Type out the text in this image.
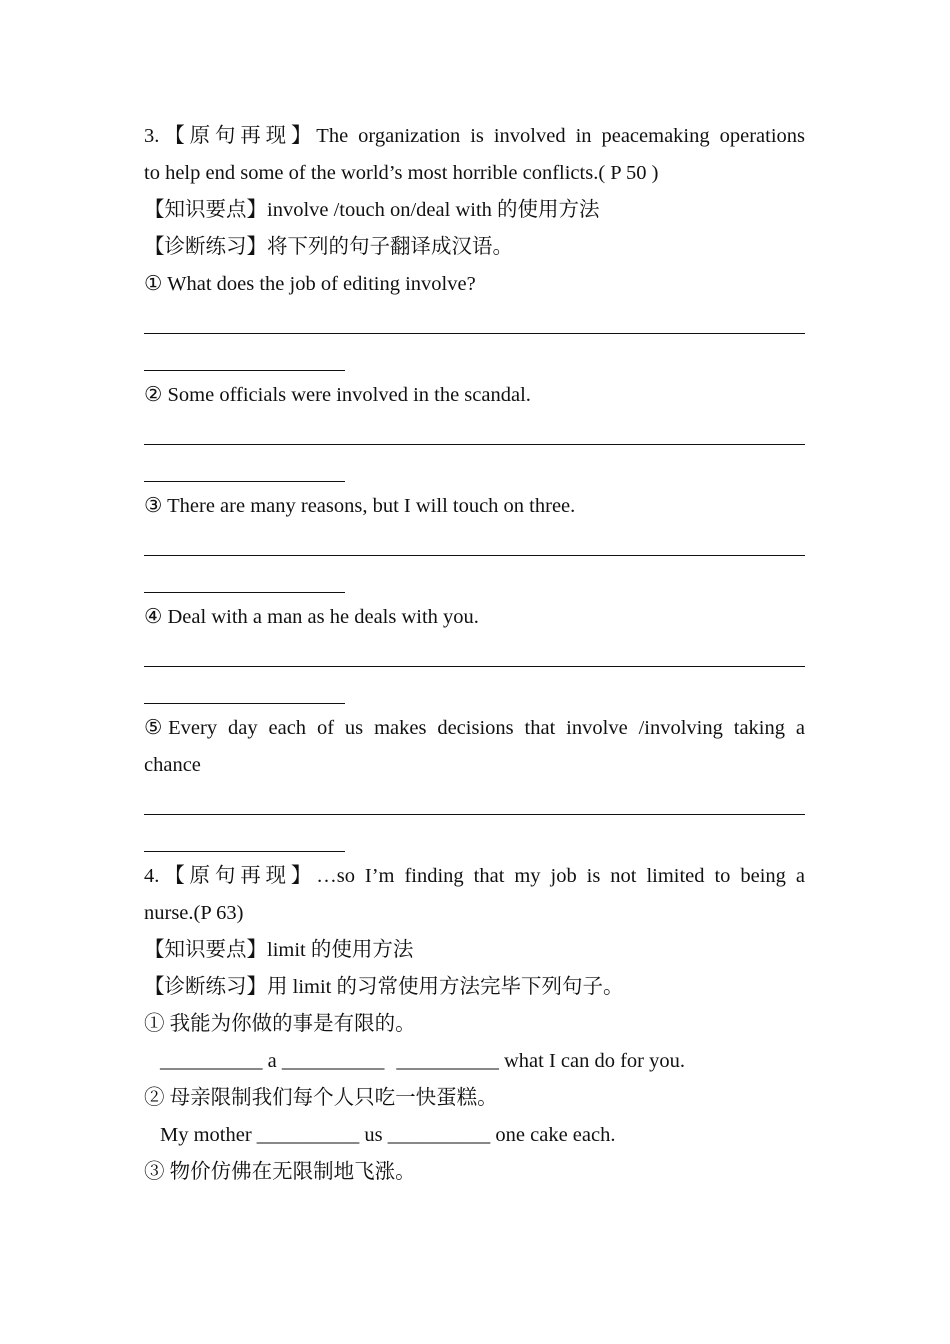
3.【原句再现】The organization is involved in peacemaking operations
to help end some of the world’s most horrible conflicts.( P 50 )
【知识要点】involve /touch on/deal with 的使用方法
【诊断练习】将下列的句子翻译成汉语。
① What does the job of editing involve?
② Some officials were involved in the scandal.
③ There are many reasons, but I will touch on three.
④ Deal with a man as he deals with you.
⑤Every day each of us makes decisions that involve /involving taking a
chance
4.【原句再现】…so I’m finding that my job is not limited to being a
nurse.(P 63)
【知识要点】limit 的使用方法
【诊断练习】用 limit 的习常使用方法完毕下列句子。
① 我能为你做的事是有限的。
__________ a __________ __________ what I can do for you.
② 母亲限制我们每个人只吃一快蛋糕。
My mother __________ us __________ one cake each.
③ 物价仿佛在无限制地飞涨。
